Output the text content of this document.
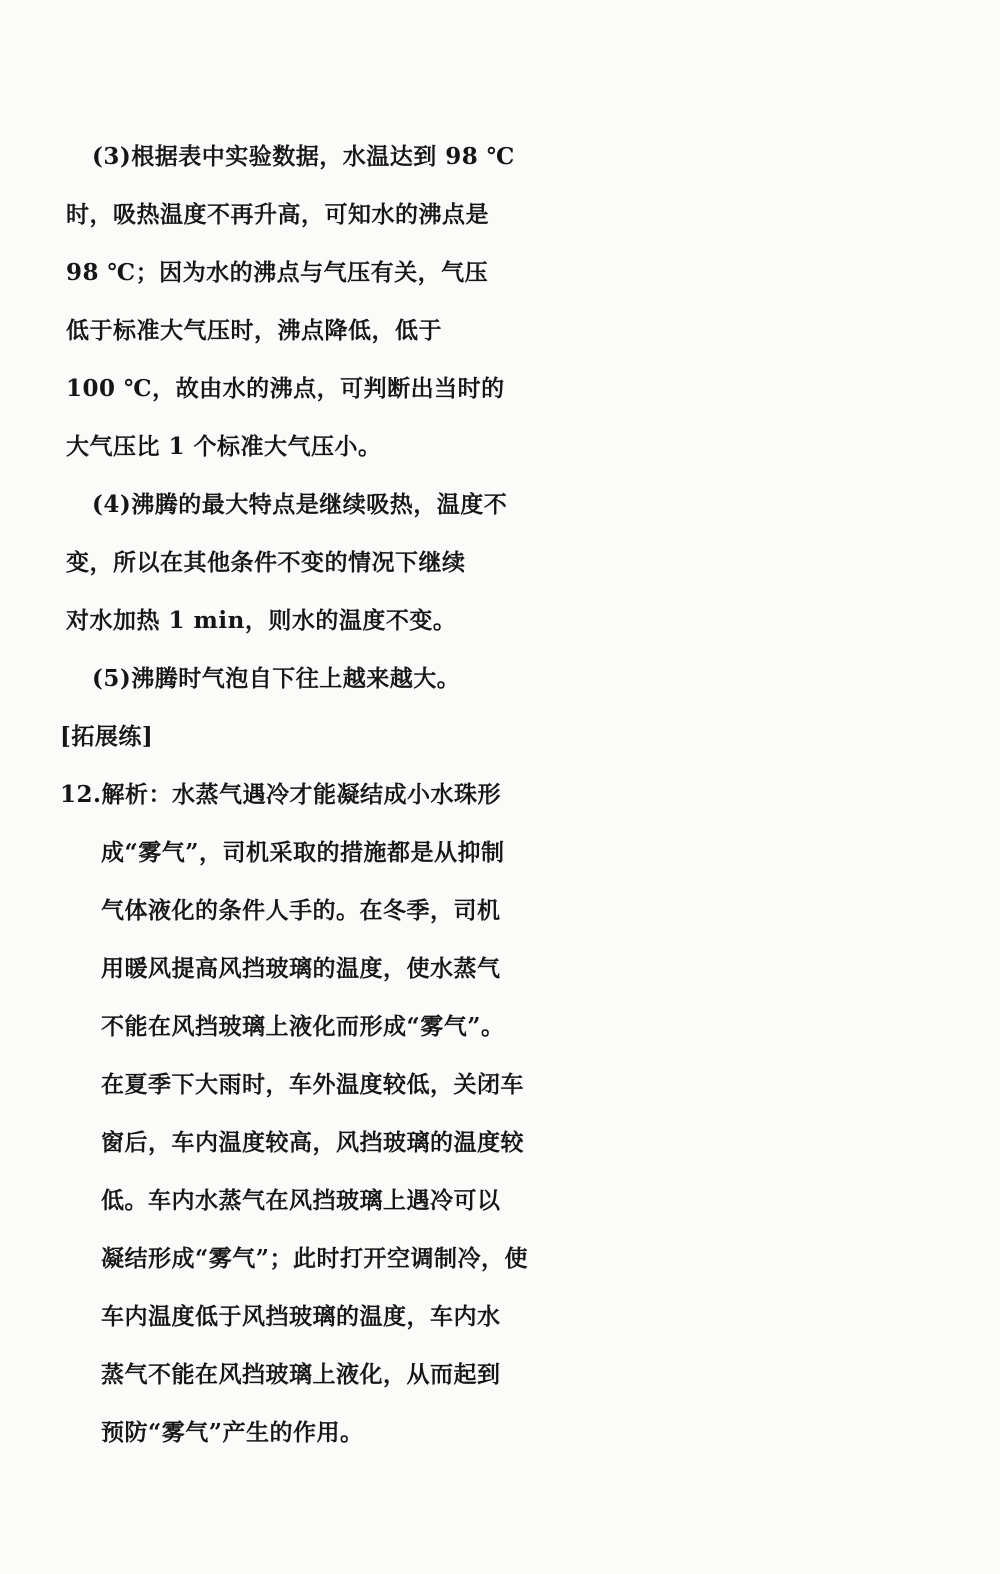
(3)根据表中实验数据，水温达到 98 ℃
时，吸热温度不再升高，可知水的沸点是
98 ℃；因为水的沸点与气压有关，气压
低于标准大气压时，沸点降低，低于
100 ℃，故由水的沸点，可判断出当时的
大气压比 1 个标准大气压小。
(4)沸腾的最大特点是继续吸热，温度不
变，所以在其他条件不变的情况下继续
对水加热 1 min，则水的温度不变。
(5)沸腾时气泡自下往上越来越大。
[拓展练]
12.解析：水蒸气遇冷才能凝结成小水珠形
成“雾气”，司机采取的措施都是从抑制
气体液化的条件人手的。在冬季，司机
用暖风提高风挡玻璃的温度，使水蒸气
不能在风挡玻璃上液化而形成“雾气”。
在夏季下大雨时，车外温度较低，关闭车
窗后，车内温度较高，风挡玻璃的温度较
低。车内水蒸气在风挡玻璃上遇冷可以
凝结形成“雾气”；此时打开空调制冷，使
车内温度低于风挡玻璃的温度，车内水
蒸气不能在风挡玻璃上液化，从而起到
预防“雾气”产生的作用。
